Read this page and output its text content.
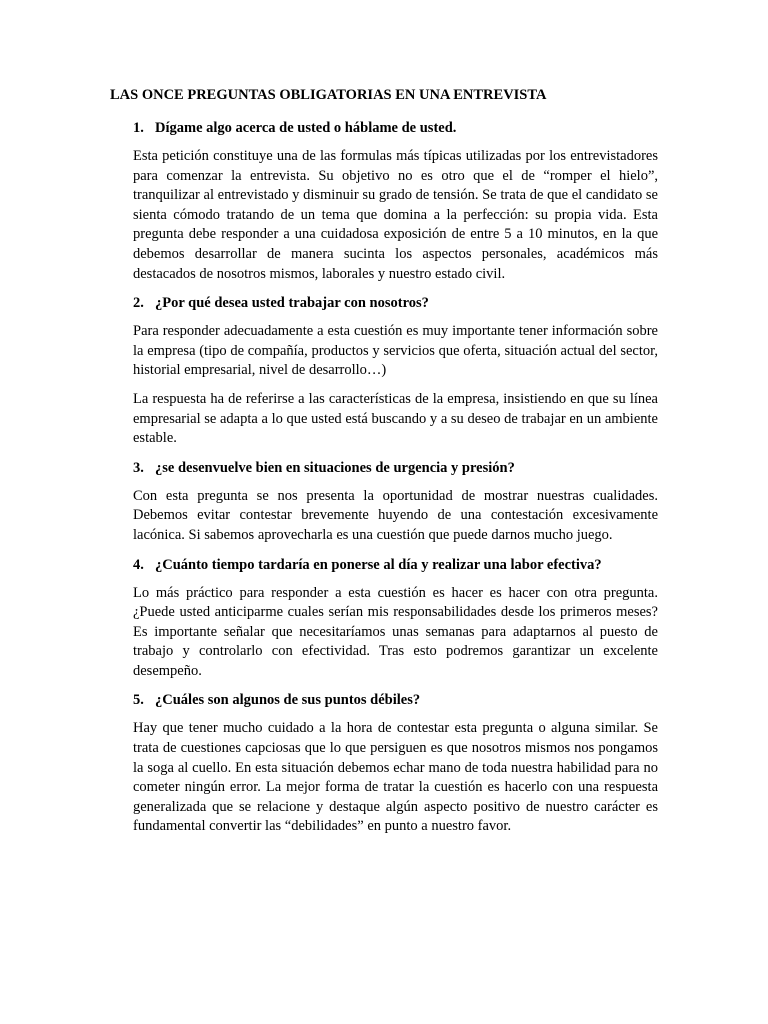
LAS ONCE PREGUNTAS OBLIGATORIAS EN UNA ENTREVISTA

1. Dígame algo acerca de usted o háblame de usted.

Esta petición constituye una de las formulas más típicas utilizadas por los entrevistadores para comenzar la entrevista. Su objetivo no es otro que el de “romper el hielo”, tranquilizar al entrevistado y disminuir su grado de tensión. Se trata de que el candidato se sienta cómodo tratando de un tema que domina a la perfección: su propia vida. Esta pregunta debe responder a una cuidadosa exposición de entre 5 a 10 minutos, en la que debemos desarrollar de manera sucinta los aspectos personales, académicos más destacados de nosotros mismos, laborales y nuestro estado civil.

2. ¿Por qué desea usted trabajar con nosotros?

Para responder adecuadamente a esta cuestión es muy importante tener información sobre la empresa (tipo de compañía, productos y servicios que oferta, situación actual del sector, historial empresarial, nivel de desarrollo…)

La respuesta ha de referirse a las características de la empresa, insistiendo en que su línea empresarial se adapta a lo que usted está buscando y a su deseo de trabajar en un ambiente estable.

3. ¿se desenvuelve bien en situaciones de urgencia y presión?

Con esta pregunta se nos presenta la oportunidad de mostrar nuestras cualidades. Debemos evitar contestar brevemente huyendo de una contestación excesivamente lacónica. Si sabemos aprovecharla es una cuestión que puede darnos mucho juego.

4. ¿Cuánto tiempo tardaría en ponerse al día y realizar una labor efectiva?

Lo más práctico para responder a esta cuestión es hacer es hacer con otra pregunta. ¿Puede usted anticiparme cuales serían mis responsabilidades desde los primeros meses? Es importante señalar que necesitaríamos unas semanas para adaptarnos al puesto de trabajo y controlarlo con efectividad. Tras esto podremos garantizar un excelente desempeño.

5. ¿Cuáles son algunos de sus puntos débiles?

Hay que tener mucho cuidado a la hora de contestar esta pregunta o alguna similar. Se trata de cuestiones capciosas que lo que persiguen es que nosotros mismos nos pongamos la soga al cuello. En esta situación debemos echar mano de toda nuestra habilidad para no cometer ningún error. La mejor forma de tratar la cuestión es hacerlo con una respuesta generalizada que se relacione y destaque algún aspecto positivo de nuestro carácter es fundamental convertir las “debilidades” en punto a nuestro favor.
